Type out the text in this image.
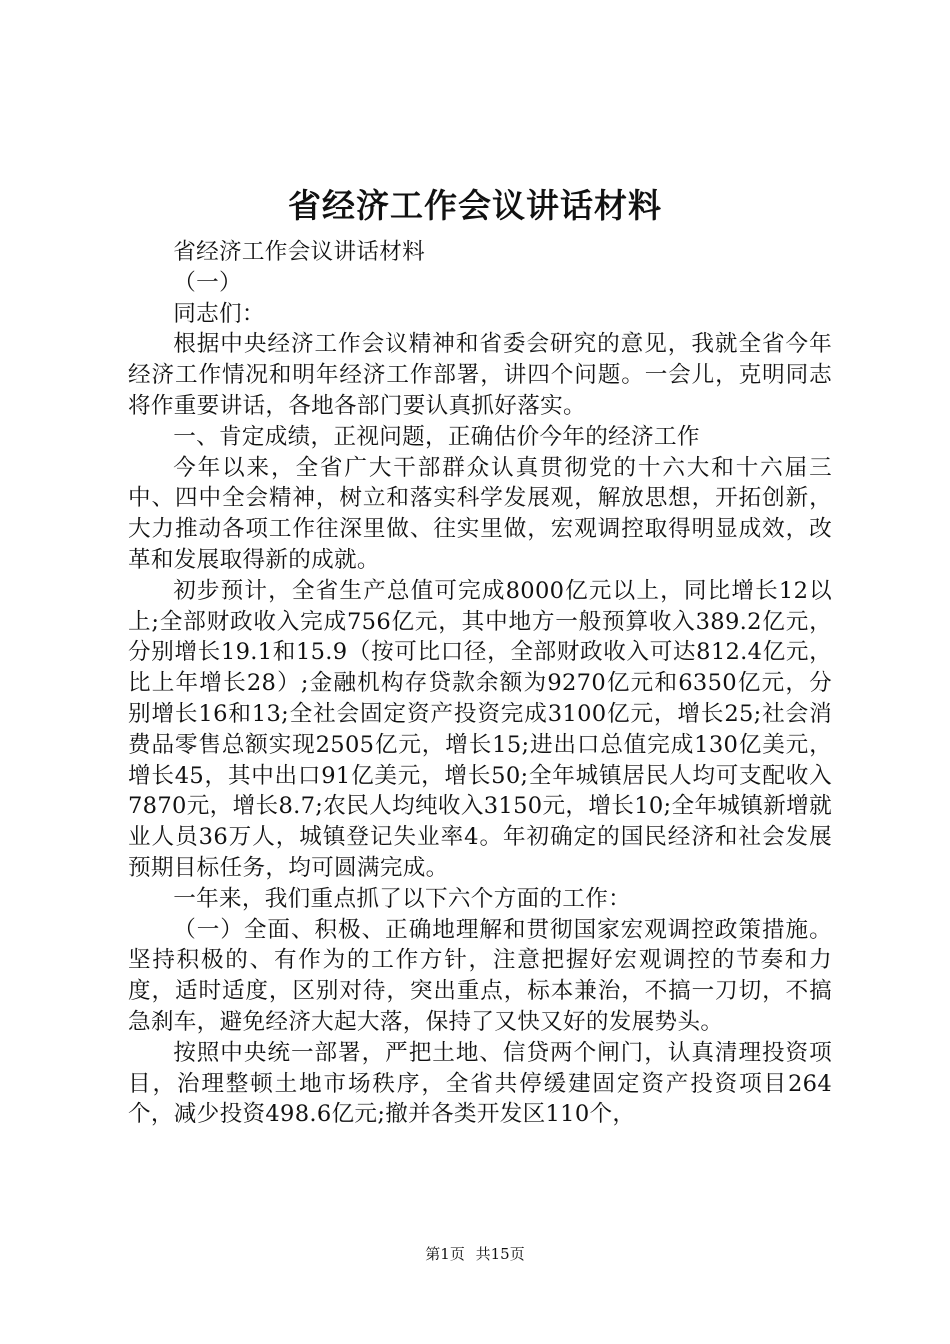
省经济工作会议讲话材料

省经济工作会议讲话材料

（一）

同志们：

根据中央经济工作会议精神和省委会研究的意见，我就全省今年经济工作情况和明年经济工作部署，讲四个问题。一会儿，克明同志将作重要讲话，各地各部门要认真抓好落实。

一、肯定成绩，正视问题，正确估价今年的经济工作

今年以来，全省广大干部群众认真贯彻党的十六大和十六届三中、四中全会精神，树立和落实科学发展观，解放思想，开拓创新，大力推动各项工作往深里做、往实里做，宏观调控取得明显成效，改革和发展取得新的成就。

初步预计，全省生产总值可完成8000亿元以上，同比增长12以上;全部财政收入完成756亿元，其中地方一般预算收入389.2亿元，分别增长19.1和15.9（按可比口径，全部财政收入可达812.4亿元，比上年增长28）;金融机构存贷款余额为9270亿元和6350亿元，分别增长16和13;全社会固定资产投资完成3100亿元，增长25;社会消费品零售总额实现2505亿元，增长15;进出口总值完成130亿美元，增长45，其中出口91亿美元，增长50;全年城镇居民人均可支配收入7870元，增长8.7;农民人均纯收入3150元，增长10;全年城镇新增就业人员36万人，城镇登记失业率4。年初确定的国民经济和社会发展预期目标任务，均可圆满完成。

一年来，我们重点抓了以下六个方面的工作：

（一）全面、积极、正确地理解和贯彻国家宏观调控政策措施。坚持积极的、有作为的工作方针，注意把握好宏观调控的节奏和力度，适时适度，区别对待，突出重点，标本兼治，不搞一刀切，不搞急刹车，避免经济大起大落，保持了又快又好的发展势头。

按照中央统一部署，严把土地、信贷两个闸门，认真清理投资项目，治理整顿土地市场秩序，全省共停缓建固定资产投资项目264个，减少投资498.6亿元;撤并各类开发区110个，

第1页 共15页
